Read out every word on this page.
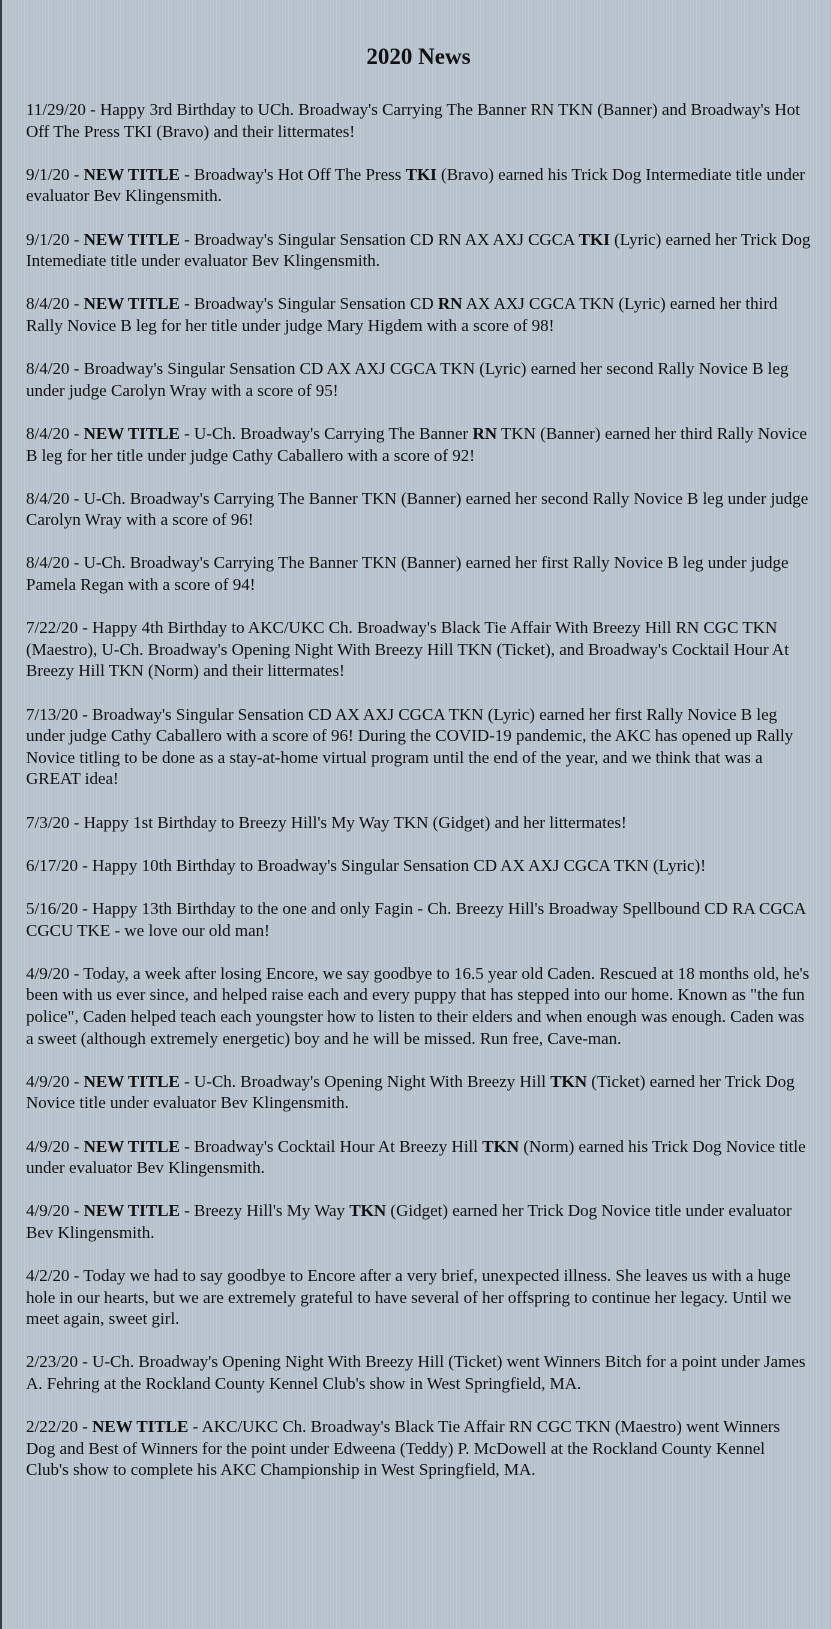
2020 News

11/29/20 - Happy 3rd Birthday to UCh. Broadway's Carrying The Banner RN TKN (Banner) and Broadway's Hot Off The Press TKI (Bravo) and their littermates!

9/1/20 - NEW TITLE - Broadway's Hot Off The Press TKI (Bravo) earned his Trick Dog Intermediate title under evaluator Bev Klingensmith.

9/1/20 - NEW TITLE - Broadway's Singular Sensation CD RN AX AXJ CGCA TKI (Lyric) earned her Trick Dog Intemediate title under evaluator Bev Klingensmith.

8/4/20 - NEW TITLE - Broadway's Singular Sensation CD RN AX AXJ CGCA TKN (Lyric) earned her third Rally Novice B leg for her title under judge Mary Higdem with a score of 98!

8/4/20 - Broadway's Singular Sensation CD AX AXJ CGCA TKN (Lyric) earned her second Rally Novice B leg under judge Carolyn Wray with a score of 95!

8/4/20 - NEW TITLE - U-Ch. Broadway's Carrying The Banner RN TKN (Banner) earned her third Rally Novice B leg for her title under judge Cathy Caballero with a score of 92!

8/4/20 - U-Ch. Broadway's Carrying The Banner TKN (Banner) earned her second Rally Novice B leg under judge Carolyn Wray with a score of 96!

8/4/20 - U-Ch. Broadway's Carrying The Banner TKN (Banner) earned her first Rally Novice B leg under judge Pamela Regan with a score of 94!

7/22/20 - Happy 4th Birthday to AKC/UKC Ch. Broadway's Black Tie Affair With Breezy Hill RN CGC TKN (Maestro), U-Ch. Broadway's Opening Night With Breezy Hill TKN (Ticket), and Broadway's Cocktail Hour At Breezy Hill TKN (Norm) and their littermates!

7/13/20 - Broadway's Singular Sensation CD AX AXJ CGCA TKN (Lyric) earned her first Rally Novice B leg under judge Cathy Caballero with a score of 96! During the COVID-19 pandemic, the AKC has opened up Rally Novice titling to be done as a stay-at-home virtual program until the end of the year, and we think that was a GREAT idea!

7/3/20 - Happy 1st Birthday to Breezy Hill's My Way TKN (Gidget) and her littermates!

6/17/20 - Happy 10th Birthday to Broadway's Singular Sensation CD AX AXJ CGCA TKN (Lyric)!

5/16/20 - Happy 13th Birthday to the one and only Fagin - Ch. Breezy Hill's Broadway Spellbound CD RA CGCA CGCU TKE - we love our old man!

4/9/20 - Today, a week after losing Encore, we say goodbye to 16.5 year old Caden. Rescued at 18 months old, he's been with us ever since, and helped raise each and every puppy that has stepped into our home. Known as "the fun police", Caden helped teach each youngster how to listen to their elders and when enough was enough. Caden was a sweet (although extremely energetic) boy and he will be missed. Run free, Cave-man.

4/9/20 - NEW TITLE - U-Ch. Broadway's Opening Night With Breezy Hill TKN (Ticket) earned her Trick Dog Novice title under evaluator Bev Klingensmith.

4/9/20 - NEW TITLE - Broadway's Cocktail Hour At Breezy Hill TKN (Norm) earned his Trick Dog Novice title under evaluator Bev Klingensmith.

4/9/20 - NEW TITLE - Breezy Hill's My Way TKN (Gidget) earned her Trick Dog Novice title under evaluator Bev Klingensmith.

4/2/20 - Today we had to say goodbye to Encore after a very brief, unexpected illness. She leaves us with a huge hole in our hearts, but we are extremely grateful to have several of her offspring to continue her legacy. Until we meet again, sweet girl.

2/23/20 - U-Ch. Broadway's Opening Night With Breezy Hill (Ticket) went Winners Bitch for a point under James A. Fehring at the Rockland County Kennel Club's show in West Springfield, MA.

2/22/20 - NEW TITLE - AKC/UKC Ch. Broadway's Black Tie Affair RN CGC TKN (Maestro) went Winners Dog and Best of Winners for the point under Edweena (Teddy) P. McDowell at the Rockland County Kennel Club's show to complete his AKC Championship in West Springfield, MA.
